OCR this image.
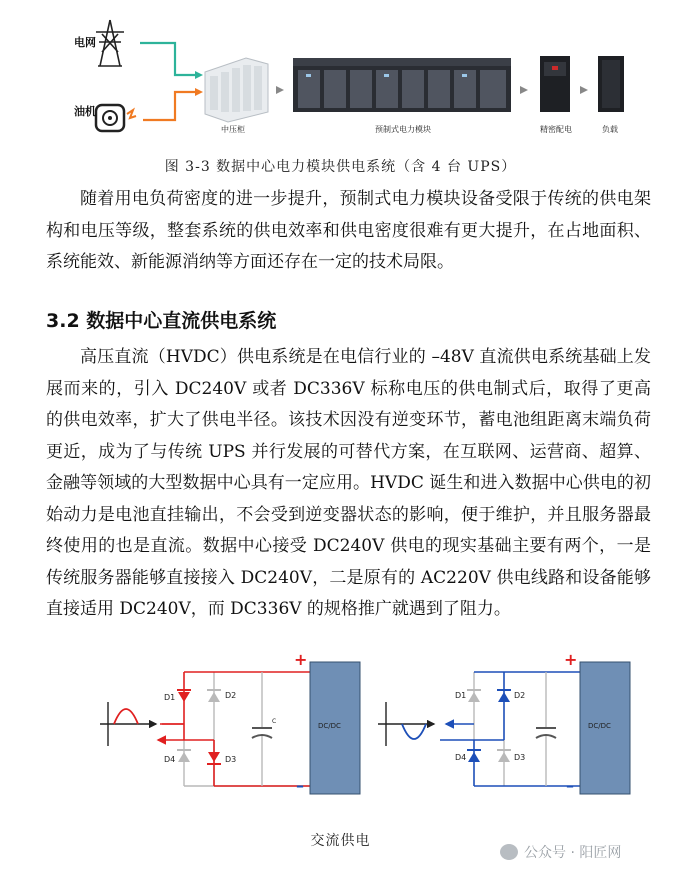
电网
油机
中压柜	预制式电力模块	精密配电	负载
图 3-3 数据中心电力模块供电系统（含 4 台 UPS）

随着用电负荷密度的进一步提升，预制式电力模块设备受限于传统的供电架构和电压等级，整套系统的供电效率和供电密度很难有更大提升，在占地面积、系统能效、新能源消纳等方面还存在一定的技术局限。

3.2 数据中心直流供电系统

高压直流（HVDC）供电系统是在电信行业的 –48V 直流供电系统基础上发展而来的，引入 DC240V 或者 DC336V 标称电压的供电制式后，取得了更高的供电效率，扩大了供电半径。该技术因没有逆变环节，蓄电池组距离末端负荷更近，成为了与传统 UPS 并行发展的可替代方案，在互联网、运营商、超算、金融等领域的大型数据中心具有一定应用。HVDC 诞生和进入数据中心供电的初始动力是电池直挂输出，不会受到逆变器状态的影响，便于维护，并且服务器最终使用的也是直流。数据中心接受 DC240V 供电的现实基础主要有两个，一是传统服务器能够直接接入 DC240V，二是原有的 AC220V 供电线路和设备能够直接适用 DC240V，而 DC336V 的规格推广就遇到了阻力。

D1	D2
D4	D3
C
DC/DC
+
–
D1	D2
D4	D3
DC/DC
+
–
交流供电
公众号 · 阳匠网
